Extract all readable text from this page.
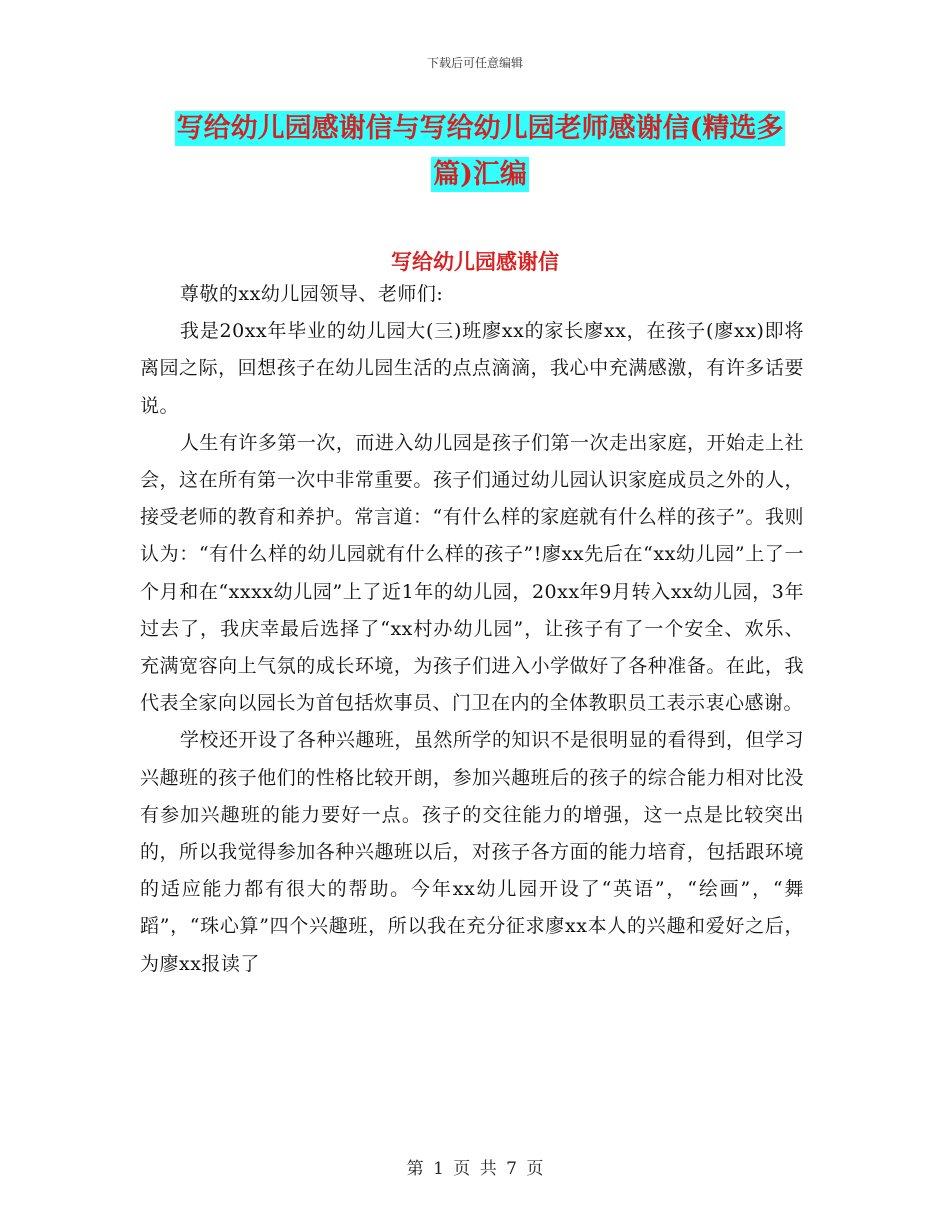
下载后可任意编辑
写给幼儿园感谢信与写给幼儿园老师感谢信(精选多
篇)汇编
写给幼儿园感谢信

尊敬的xx幼儿园领导、老师们:

我是20xx年毕业的幼儿园大(三)班廖xx的家长廖xx，在孩子(廖xx)即将离园之际，回想孩子在幼儿园生活的点点滴滴，我心中充满感激，有许多话要说。

人生有许多第一次，而进入幼儿园是孩子们第一次走出家庭，开始走上社会，这在所有第一次中非常重要。孩子们通过幼儿园认识家庭成员之外的人，接受老师的教育和养护。常言道：“有什么样的家庭就有什么样的孩子”。我则认为：“有什么样的幼儿园就有什么样的孩子”!廖xx先后在“xx幼儿园”上了一个月和在“xxxx幼儿园”上了近1年的幼儿园，20xx年9月转入xx幼儿园，3年过去了，我庆幸最后选择了“xx村办幼儿园”，让孩子有了一个安全、欢乐、充满宽容向上气氛的成长环境，为孩子们进入小学做好了各种准备。在此，我代表全家向以园长为首包括炊事员、门卫在内的全体教职员工表示衷心感谢。

学校还开设了各种兴趣班，虽然所学的知识不是很明显的看得到，但学习兴趣班的孩子他们的性格比较开朗，参加兴趣班后的孩子的综合能力相对比没有参加兴趣班的能力要好一点。孩子的交往能力的增强，这一点是比较突出的，所以我觉得参加各种兴趣班以后，对孩子各方面的能力培育，包括跟环境的适应能力都有很大的帮助。今年xx幼儿园开设了“英语”，“绘画”，“舞蹈”，“珠心算”四个兴趣班，所以我在充分征求廖xx本人的兴趣和爱好之后，为廖xx报读了

第 1 页 共 7 页
